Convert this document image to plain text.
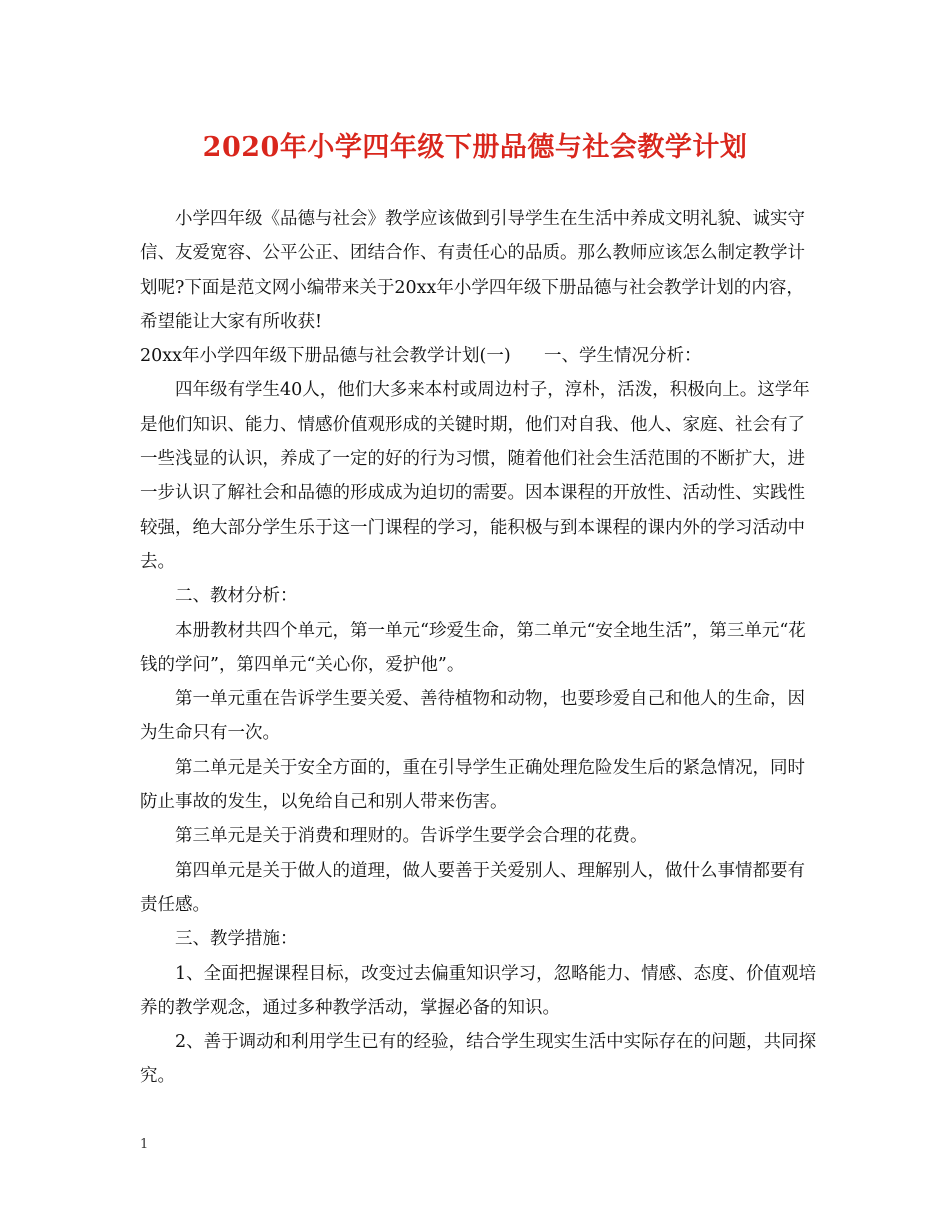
2020年小学四年级下册品德与社会教学计划

小学四年级《品德与社会》教学应该做到引导学生在生活中养成文明礼貌、诚实守信、友爱宽容、公平公正、团结合作、有责任心的品质。那么教师应该怎么制定教学计划呢?下面是范文网小编带来关于20xx年小学四年级下册品德与社会教学计划的内容，希望能让大家有所收获!

20xx年小学四年级下册品德与社会教学计划(一)      一、学生情况分析：

四年级有学生40人，他们大多来本村或周边村子，淳朴，活泼，积极向上。这学年是他们知识、能力、情感价值观形成的关键时期，他们对自我、他人、家庭、社会有了一些浅显的认识，养成了一定的好的行为习惯，随着他们社会生活范围的不断扩大，进一步认识了解社会和品德的形成成为迫切的需要。因本课程的开放性、活动性、实践性较强，绝大部分学生乐于这一门课程的学习，能积极与到本课程的课内外的学习活动中去。

二、教材分析：

本册教材共四个单元，第一单元“珍爱生命，第二单元“安全地生活”，第三单元“花钱的学问”，第四单元“关心你，爱护他”。

第一单元重在告诉学生要关爱、善待植物和动物，也要珍爱自己和他人的生命，因为生命只有一次。

第二单元是关于安全方面的，重在引导学生正确处理危险发生后的紧急情况，同时防止事故的发生，以免给自己和别人带来伤害。

第三单元是关于消费和理财的。告诉学生要学会合理的花费。

第四单元是关于做人的道理，做人要善于关爱别人、理解别人，做什么事情都要有责任感。

三、教学措施：

1、全面把握课程目标，改变过去偏重知识学习，忽略能力、情感、态度、价值观培养的教学观念，通过多种教学活动，掌握必备的知识。

2、善于调动和利用学生已有的经验，结合学生现实生活中实际存在的问题，共同探究。

1
